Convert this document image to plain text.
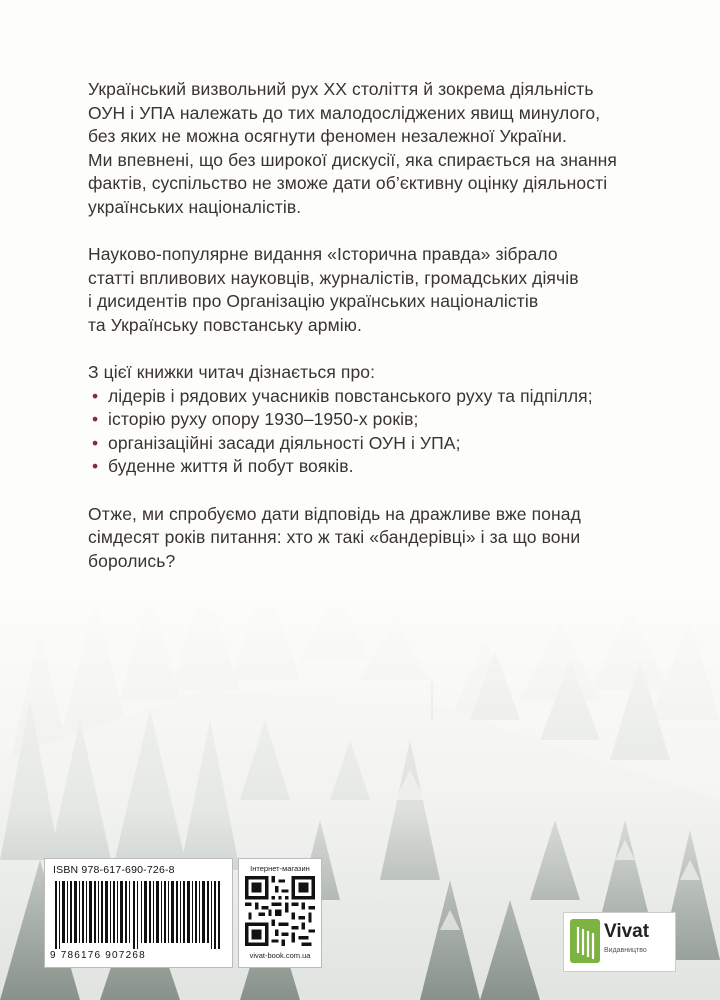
Український визвольний рух ХХ століття й зокрема діяльність
ОУН і УПА належать до тих малодосліджених явищ минулого,
без яких не можна осягнути феномен незалежної України.
Ми впевнені, що без широкої дискусії, яка спирається на знання
фактів, суспільство не зможе дати об’єктивну оцінку діяльності
українських націоналістів.

Науково-популярне видання «Історична правда» зібрало
статті впливових науковців, журналістів, громадських діячів
і дисидентів про Організацію українських націоналістів
та Українську повстанську армію.

З цієї книжки читач дізнається про:
• лідерів і рядових учасників повстанського руху та підпілля;
• історію руху опору 1930–1950-х років;
• організаційні засади діяльності ОУН і УПА;
• буденне життя й побут вояків.

Отже, ми спробуємо дати відповідь на дражливе вже понад
сімдесят років питання: хто ж такі «бандерівці» і за що вони
боролись?

ISBN 978-617-690-726-8
9 786176 907268
Інтернет-магазин
vivat-book.com.ua
Vivat
Видавництво
